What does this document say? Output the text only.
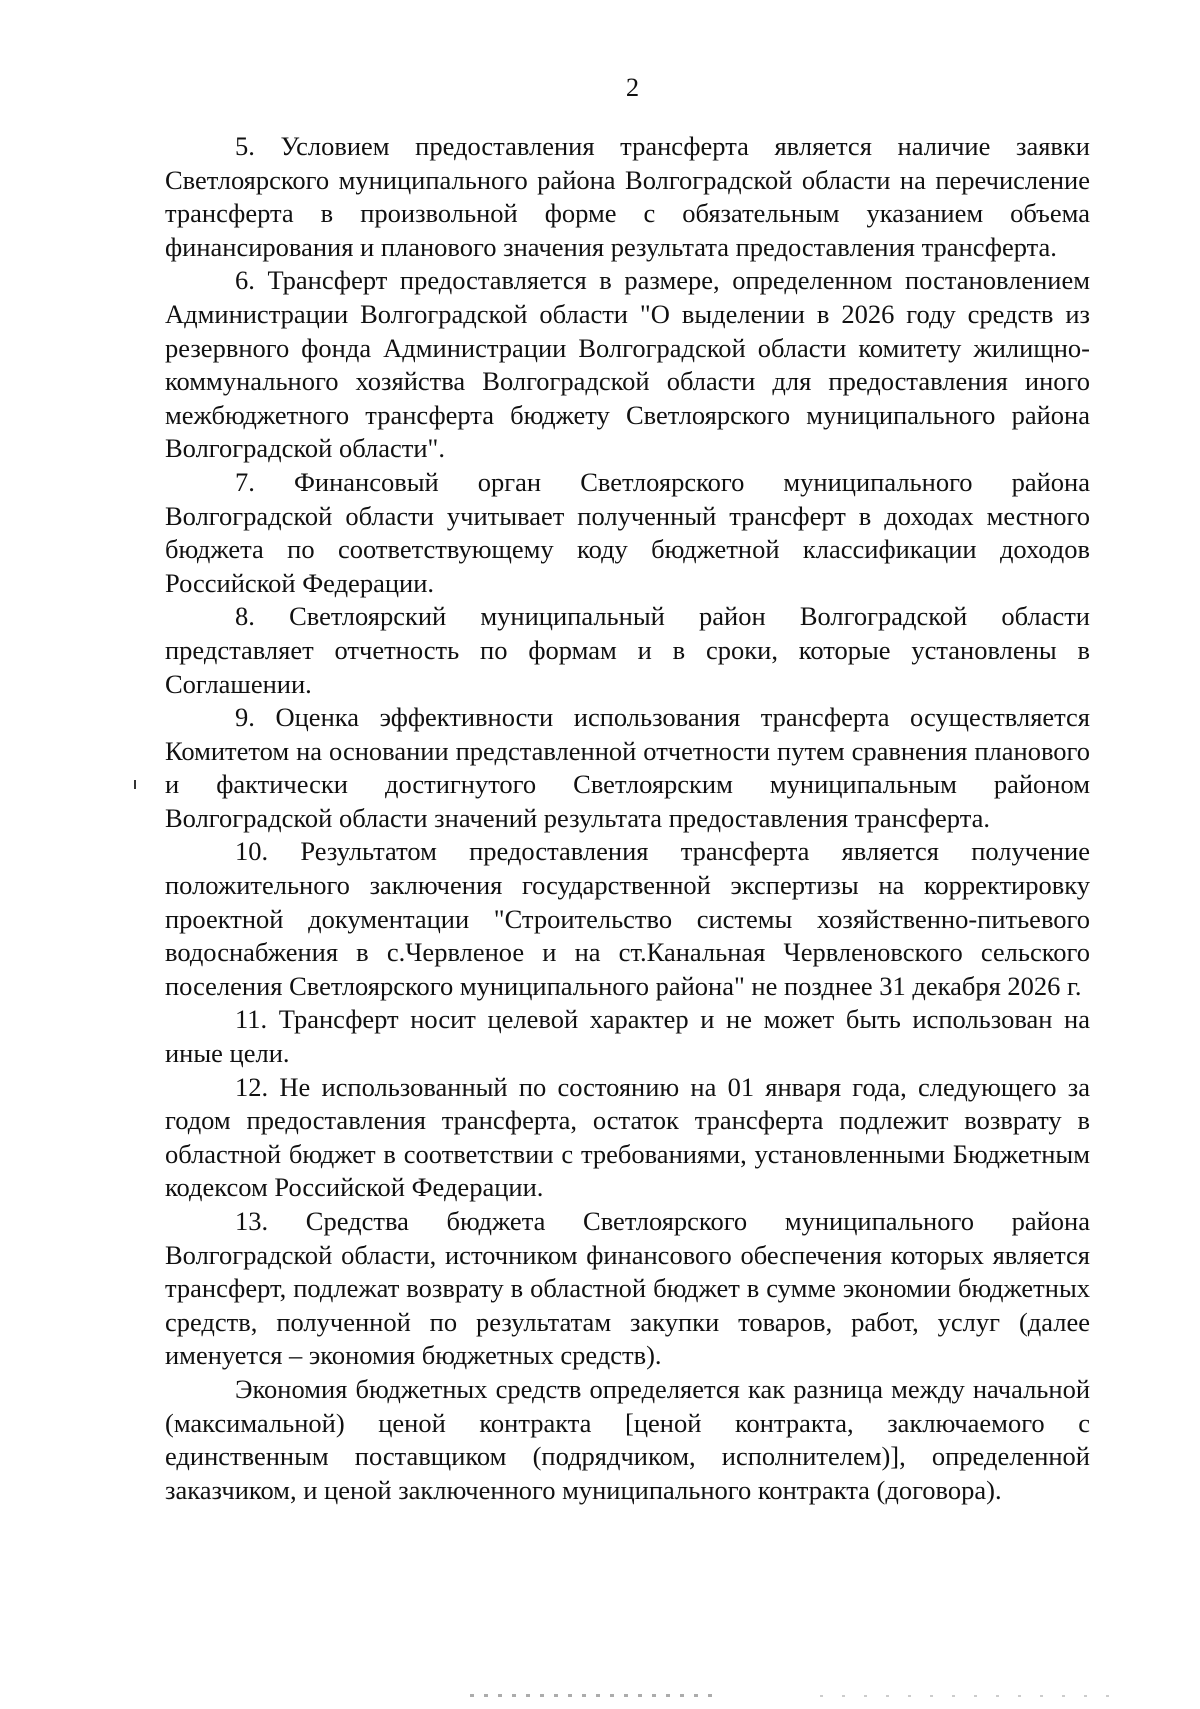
2

5. Условием предоставления трансферта является наличие заявки Светлоярского муниципального района Волгоградской области на перечисление трансферта в произвольной форме с обязательным указанием объема финансирования и планового значения результата предоставления трансферта.

6. Трансферт предоставляется в размере, определенном постановлением Администрации Волгоградской области "О выделении в 2026 году средств из резервного фонда Администрации Волгоградской области комитету жилищно-коммунального хозяйства Волгоградской области для предоставления иного межбюджетного трансферта бюджету Светлоярского муниципального района Волгоградской области".

7. Финансовый орган Светлоярского муниципального района Волгоградской области учитывает полученный трансферт в доходах местного бюджета по соответствующему коду бюджетной классификации доходов Российской Федерации.

8. Светлоярский муниципальный район Волгоградской области представляет отчетность по формам и в сроки, которые установлены в Соглашении.

9. Оценка эффективности использования трансферта осуществляется Комитетом на основании представленной отчетности путем сравнения планового и фактически достигнутого Светлоярским муниципальным районом Волгоградской области значений результата предоставления трансферта.

10. Результатом предоставления трансферта является получение положительного заключения государственной экспертизы на корректировку проектной документации "Строительство системы хозяйственно-питьевого водоснабжения в с.Червленое и на ст.Канальная Червленовского сельского поселения Светлоярского муниципального района" не позднее 31 декабря 2026 г.

11. Трансферт носит целевой характер и не может быть использован на иные цели.

12. Не использованный по состоянию на 01 января года, следующего за годом предоставления трансферта, остаток трансферта подлежит возврату в областной бюджет в соответствии с требованиями, установленными Бюджетным кодексом Российской Федерации.

13. Средства бюджета Светлоярского муниципального района Волгоградской области, источником финансового обеспечения которых является трансферт, подлежат возврату в областной бюджет в сумме экономии бюджетных средств, полученной по результатам закупки товаров, работ, услуг (далее именуется – экономия бюджетных средств).

Экономия бюджетных средств определяется как разница между начальной (максимальной) ценой контракта [ценой контракта, заключаемого с единственным поставщиком (подрядчиком, исполнителем)], определенной заказчиком, и ценой заключенного муниципального контракта (договора).
